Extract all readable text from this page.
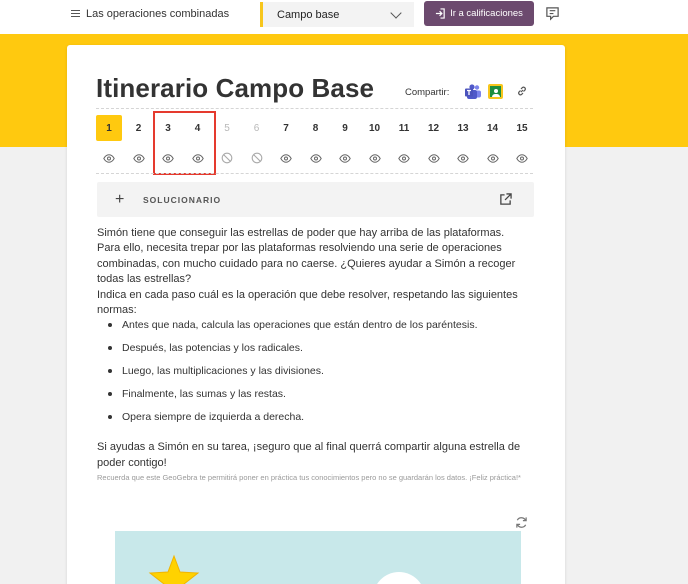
Las operaciones combinadas	Campo base	Ir a calificaciones
Itinerario Campo Base	Compartir:
1	2	3	4	5	6	7	8	9	10	11	12	13	14	15
+ SOLUCIONARIO
Simón tiene que conseguir las estrellas de poder que hay arriba de las plataformas.
Para ello, necesita trepar por las plataformas resolviendo una serie de operaciones combinadas, con mucho cuidado para no caerse. ¿Quieres ayudar a Simón a recoger todas las estrellas?
Indica en cada paso cuál es la operación que debe resolver, respetando las siguientes normas:
Antes que nada, calcula las operaciones que están dentro de los paréntesis.
Después, las potencias y los radicales.
Luego, las multiplicaciones y las divisiones.
Finalmente, las sumas y las restas.
Opera siempre de izquierda a derecha.
Si ayudas a Simón en su tarea, ¡seguro que al final querrá compartir alguna estrella de poder contigo!
Recuerda que este GeoGebra te permitirá poner en práctica tus conocimientos pero no se guardarán los datos. ¡Feliz práctica!*
